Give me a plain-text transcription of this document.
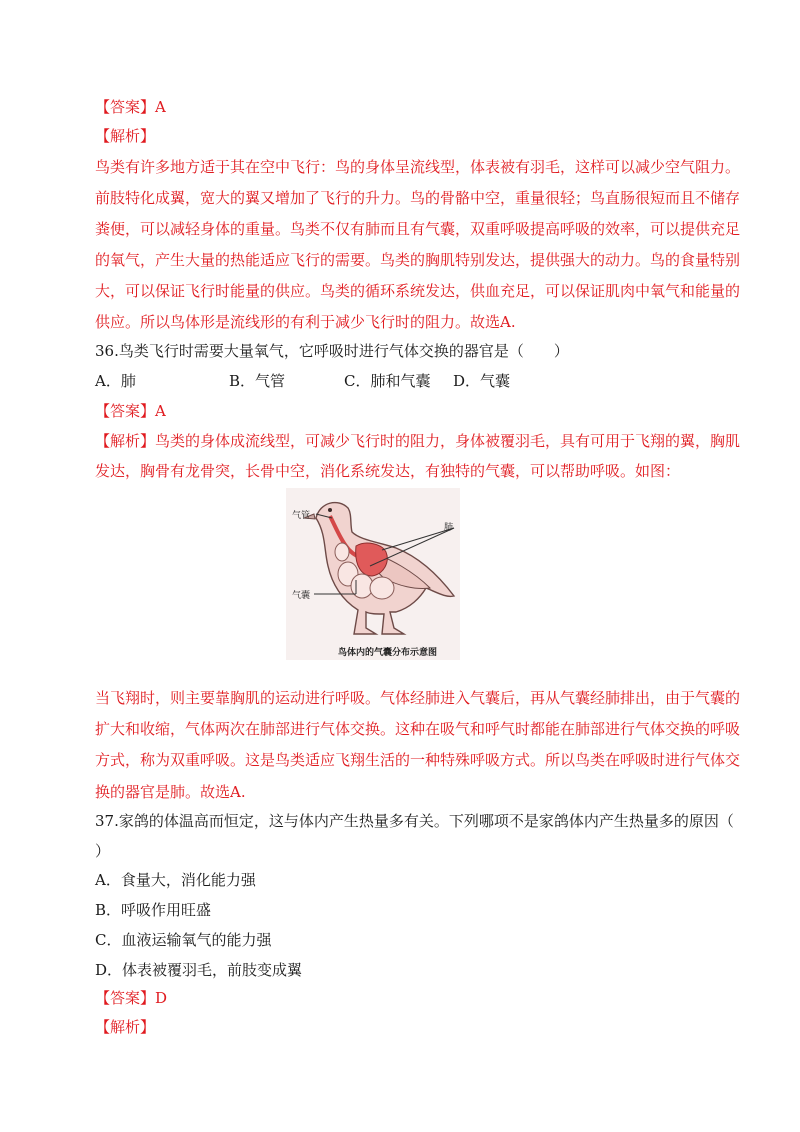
【答案】A
【解析】
鸟类有许多地方适于其在空中飞行：鸟的身体呈流线型，体表被有羽毛，这样可以减少空气阻力。
前肢特化成翼，宽大的翼又增加了飞行的升力。鸟的骨骼中空，重量很轻；鸟直肠很短而且不储存
粪便，可以减轻身体的重量。鸟类不仅有肺而且有气囊，双重呼吸提高呼吸的效率，可以提供充足
的氧气，产生大量的热能适应飞行的需要。鸟类的胸肌特别发达，提供强大的动力。鸟的食量特别
大，可以保证飞行时能量的供应。鸟类的循环系统发达，供血充足，可以保证肌肉中氧气和能量的
供应。所以鸟体形是流线形的有利于减少飞行时的阻力。故选A.
36.鸟类飞行时需要大量氧气，它呼吸时进行气体交换的器官是（　　）
A．肺	B．气管	C．肺和气囊 D．气囊
【答案】A
【解析】鸟类的身体成流线型，可减少飞行时的阻力，身体被覆羽毛，具有可用于飞翔的翼，胸肌
发达，胸骨有龙骨突，长骨中空，消化系统发达，有独特的气囊，可以帮助呼吸。如图：
气管
肺
气囊
鸟体内的气囊分布示意图
当飞翔时，则主要靠胸肌的运动进行呼吸。气体经肺进入气囊后，再从气囊经肺排出，由于气囊的
扩大和收缩，气体两次在肺部进行气体交换。这种在吸气和呼气时都能在肺部进行气体交换的呼吸
方式，称为双重呼吸。这是鸟类适应飞翔生活的一种特殊呼吸方式。所以鸟类在呼吸时进行气体交
换的器官是肺。故选A.
37.家鸽的体温高而恒定，这与体内产生热量多有关。下列哪项不是家鸽体内产生热量多的原因（
）
A．食量大，消化能力强
B．呼吸作用旺盛
C．血液运输氧气的能力强
D．体表被覆羽毛，前肢变成翼
【答案】D
【解析】
